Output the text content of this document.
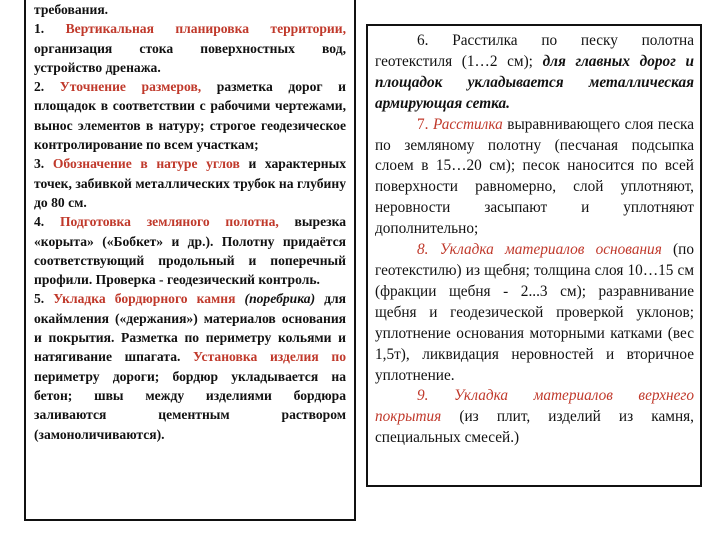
требования.
1. Вертикальная планировка территории, организация стока поверхностных вод, устройство дренажа.
2. Уточнение размеров, разметка дорог и площадок в соответствии с рабочими чертежами, вынос элементов в натуру; строгое геодезическое контролирование по всем участкам;
3. Обозначение в натуре углов и характерных точек, забивкой металлических трубок на глубину до 80 см.
4. Подготовка земляного полотна, вырезка «корыта» («Бобкет» и др.). Полотну придаётся соответствующий продольный и поперечный профили. Проверка - геодезический контроль.
5. Укладка бордюрного камня (поребрика) для окаймления («держания») материалов основания и покрытия. Разметка по периметру кольями и натягивание шпагата. Установка изделия по периметру дороги; бордюр укладывается на бетон; швы между изделиями бордюра заливаются цементным раствором (замоноличиваются).
6. Расстилка по песку полотна геотекстиля (1…2 см); для главных дорог и площадок укладывается металлическая армирующая сетка.
7. Расстилка выравнивающего слоя песка по земляному полотну (песчаная подсыпка слоем в 15…20 см); песок наносится по всей поверхности равномерно, слой уплотняют, неровности засыпают и уплотняют дополнительно;
8. Укладка материалов основания (по геотекстилю) из щебня; толщина слоя 10…15 см (фракции щебня - 2...3 см); разравнивание щебня и геодезической проверкой уклонов; уплотнение основания моторными катками (вес 1,5т), ликвидация неровностей и вторичное уплотнение.
9. Укладка материалов верхнего покрытия (из плит, изделий из камня, специальных смесей.)
